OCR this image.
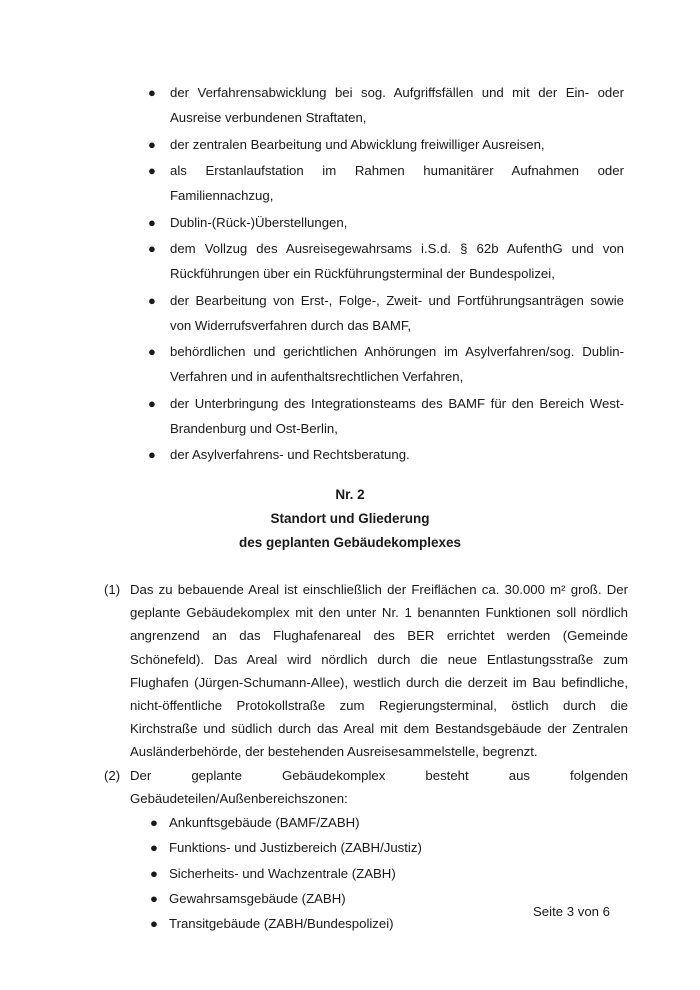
● der Verfahrensabwicklung bei sog. Aufgriffsfällen und mit der Ein- oder Ausreise verbundenen Straftaten,
● der zentralen Bearbeitung und Abwicklung freiwilliger Ausreisen,
● als Erstanlaufstation im Rahmen humanitärer Aufnahmen oder Familiennachzug,
● Dublin-(Rück-)Überstellungen,
● dem Vollzug des Ausreisegewahrsams i.S.d. § 62b AufenthG und von Rückführungen über ein Rückführungsterminal der Bundespolizei,
● der Bearbeitung von Erst-, Folge-, Zweit- und Fortführungsanträgen sowie von Widerrufsverfahren durch das BAMF,
● behördlichen und gerichtlichen Anhörungen im Asylverfahren/sog. Dublin-Verfahren und in aufenthaltsrechtlichen Verfahren,
● der Unterbringung des Integrationsteams des BAMF für den Bereich West-Brandenburg und Ost-Berlin,
● der Asylverfahrens- und Rechtsberatung.
Nr. 2
Standort und Gliederung
des geplanten Gebäudekomplexes
(1) Das zu bebauende Areal ist einschließlich der Freiflächen ca. 30.000 m² groß. Der geplante Gebäudekomplex mit den unter Nr. 1 benannten Funktionen soll nördlich angrenzend an das Flughafenareal des BER errichtet werden (Gemeinde Schönefeld). Das Areal wird nördlich durch die neue Entlastungsstraße zum Flughafen (Jürgen-Schumann-Allee), westlich durch die derzeit im Bau befindliche, nicht-öffentliche Protokollstraße zum Regierungsterminal, östlich durch die Kirchstraße und südlich durch das Areal mit dem Bestandsgebäude der Zentralen Ausländerbehörde, der bestehenden Ausreisesammelstelle, begrenzt.
(2) Der geplante Gebäudekomplex besteht aus folgenden Gebäudeteilen/Außenbereichszonen:
● Ankunftsgebäude (BAMF/ZABH)
● Funktions- und Justizbereich (ZABH/Justiz)
● Sicherheits- und Wachzentrale (ZABH)
● Gewahrsamsgebäude (ZABH)
● Transitgebäude (ZABH/Bundespolizei)
Seite 3 von 6
